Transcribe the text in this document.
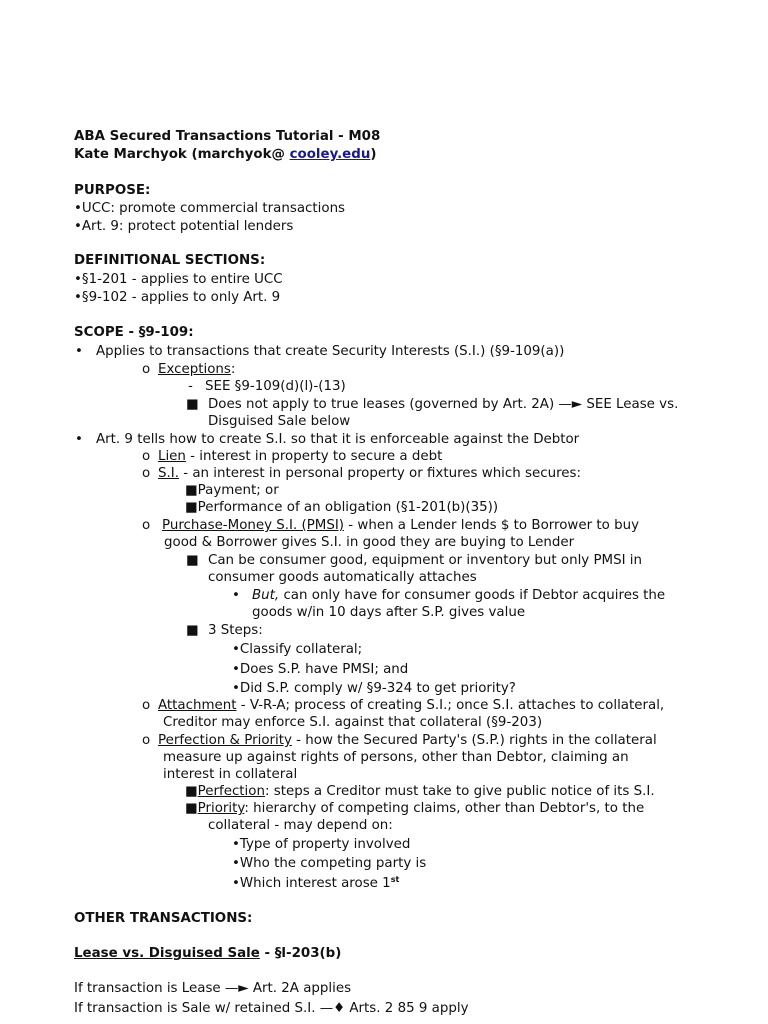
ABA Secured Transactions Tutorial - M08
Kate Marchyok (marchyok@ cooley.edu)
PURPOSE:
•UCC: promote commercial transactions
•Art. 9: protect potential lenders
DEFINITIONAL SECTIONS:
•§1-201 - applies to entire UCC
•§9-102 - applies to only Art. 9
SCOPE - §9-109:
• Applies to transactions that create Security Interests (S.I.) (§9-109(a))
o Exceptions:
- SEE §9-109(d)(l)-(13)
■ Does not apply to true leases (governed by Art. 2A) —► SEE Lease vs.
Disguised Sale below
• Art. 9 tells how to create S.I. so that it is enforceable against the Debtor
o Lien - interest in property to secure a debt
o S.I. - an interest in personal property or fixtures which secures:
■Payment; or
■Performance of an obligation (§1-201(b)(35))
o Purchase-Money S.I. (PMSI) - when a Lender lends $ to Borrower to buy
good & Borrower gives S.I. in good they are buying to Lender
■ Can be consumer good, equipment or inventory but only PMSI in
consumer goods automatically attaches
• But, can only have for consumer goods if Debtor acquires the
goods w/in 10 days after S.P. gives value
■ 3 Steps:
•Classify collateral;
•Does S.P. have PMSI; and
•Did S.P. comply w/ §9-324 to get priority?
o Attachment - V-R-A; process of creating S.I.; once S.I. attaches to collateral,
Creditor may enforce S.I. against that collateral (§9-203)
o Perfection & Priority - how the Secured Party's (S.P.) rights in the collateral
measure up against rights of persons, other than Debtor, claiming an
interest in collateral
■Perfection: steps a Creditor must take to give public notice of its S.I.
■Priority: hierarchy of competing claims, other than Debtor's, to the
collateral - may depend on:
•Type of property involved
•Who the competing party is
•Which interest arose 1st
OTHER TRANSACTIONS:
Lease vs. Disguised Sale - §l-203(b)
If transaction is Lease —► Art. 2A applies
If transaction is Sale w/ retained S.I. —♦ Arts. 2 85 9 apply
